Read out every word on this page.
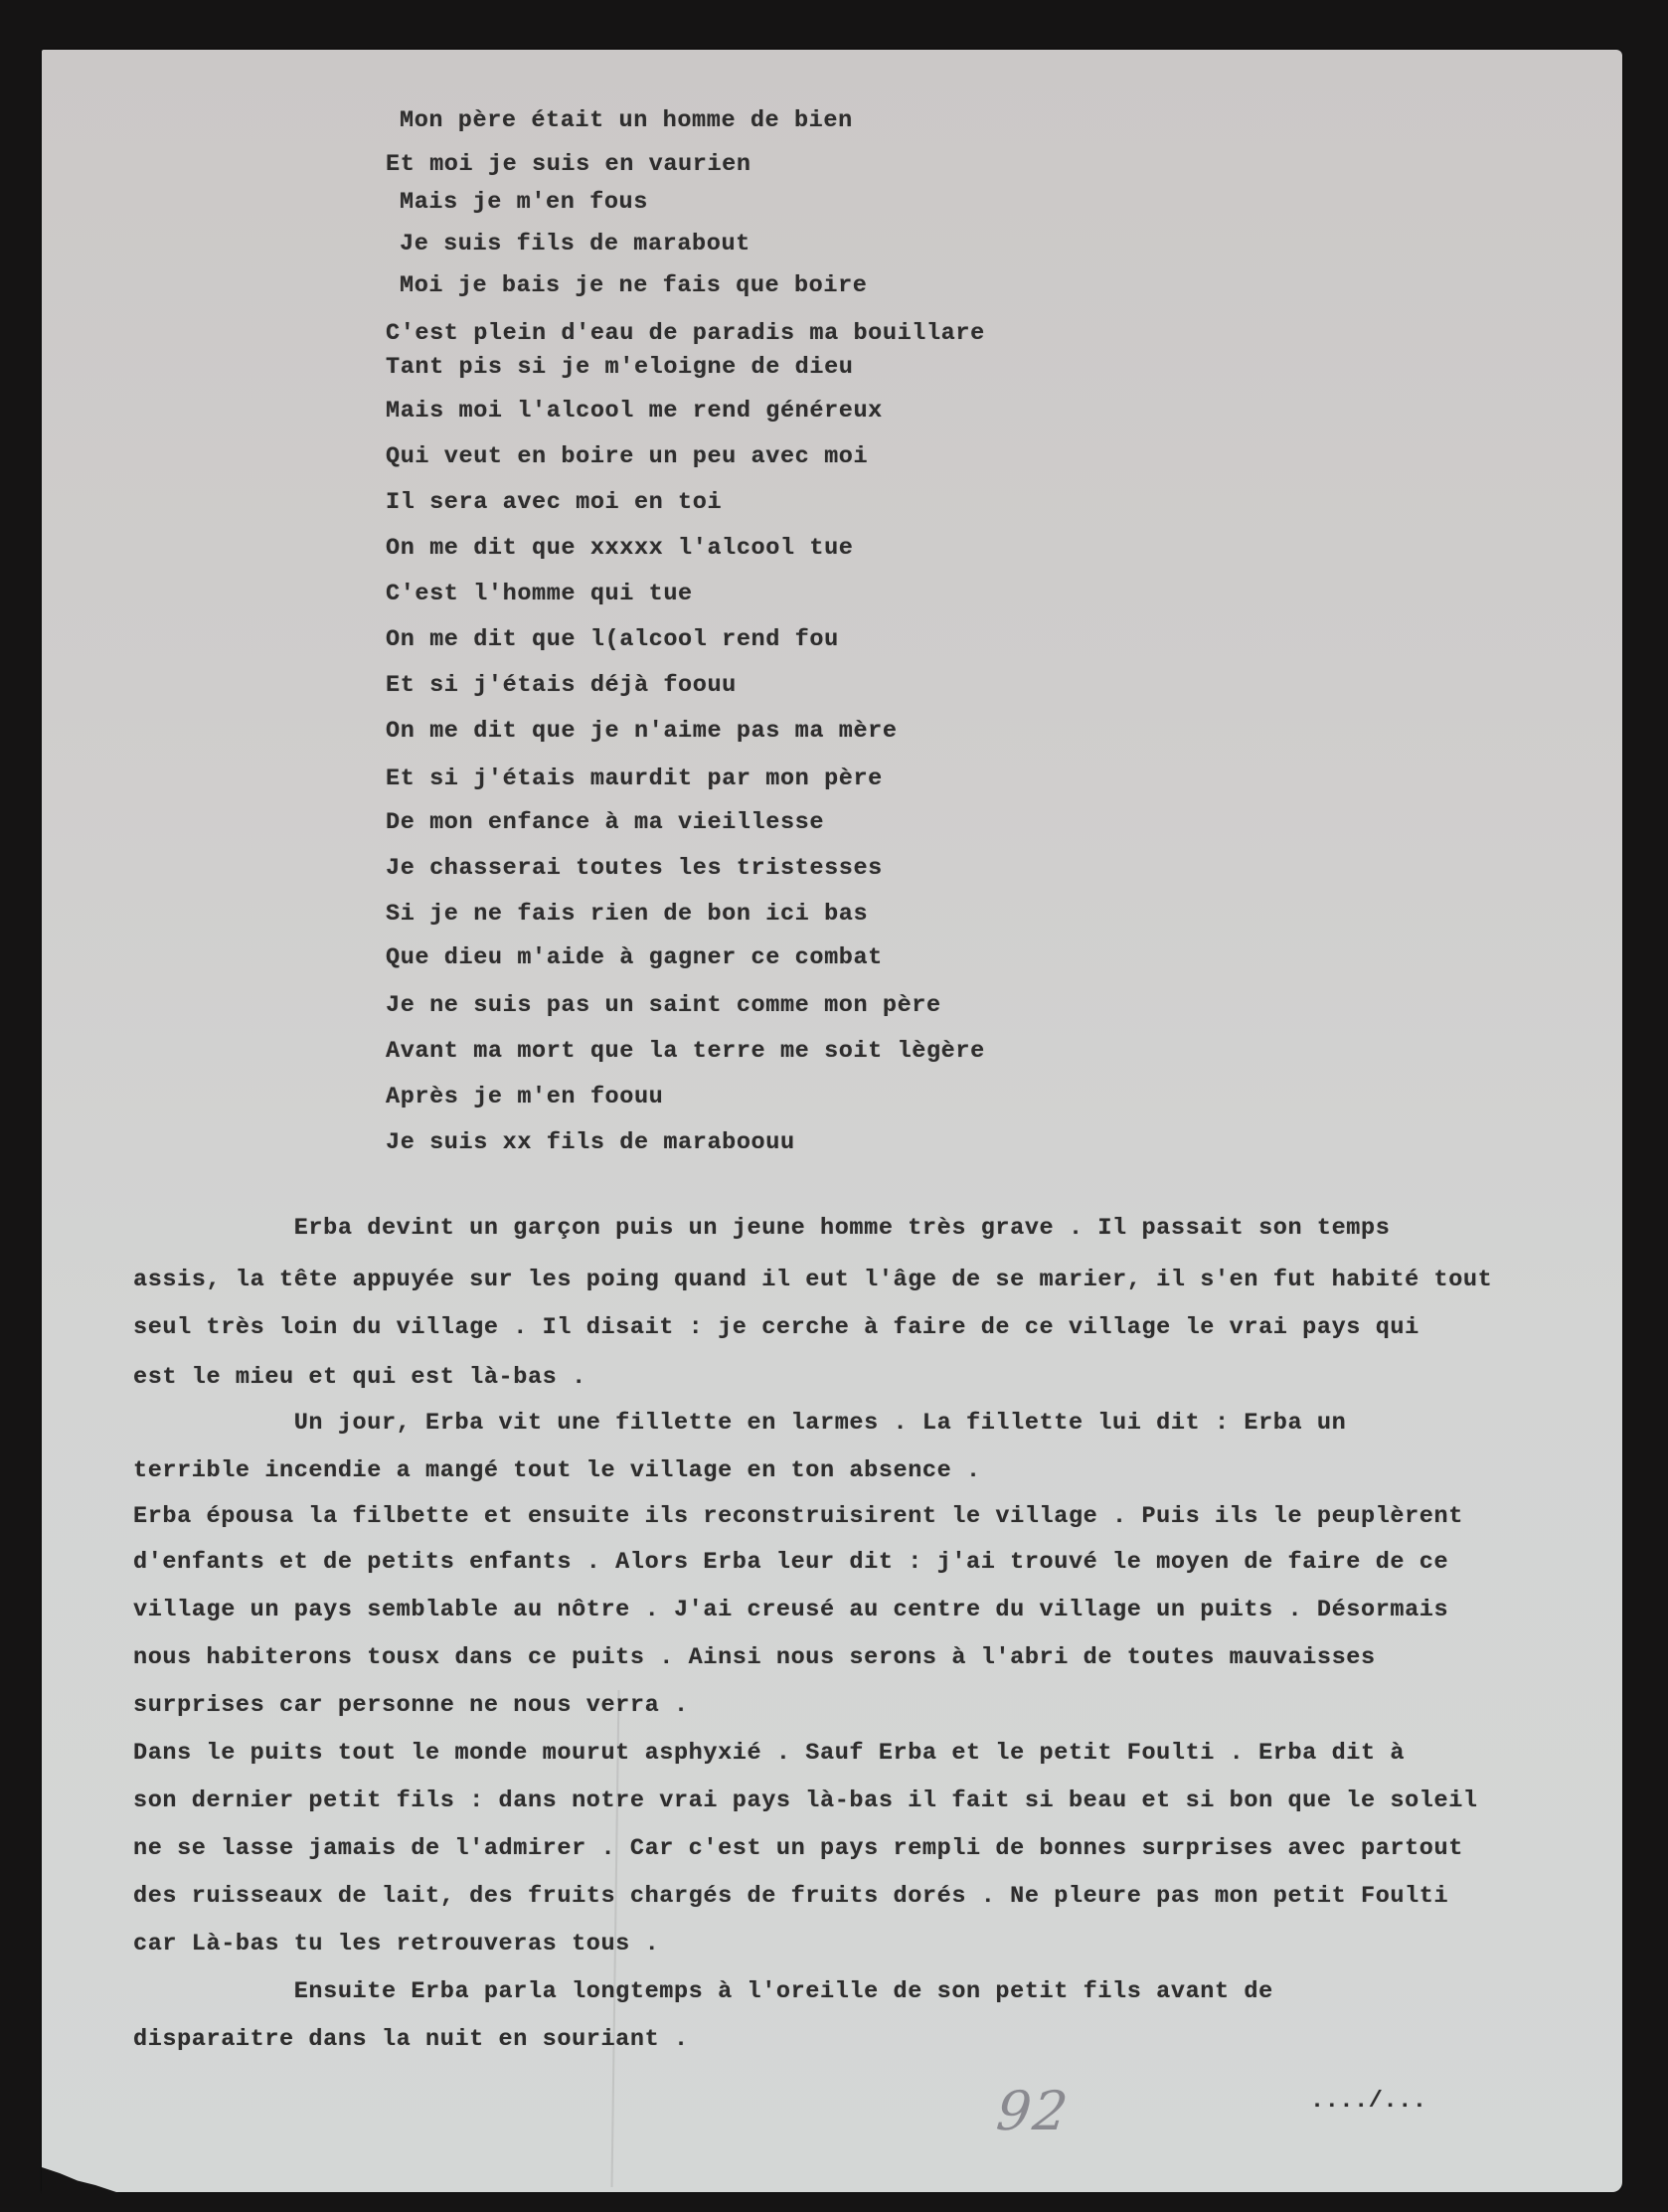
Mon père était un homme de bien
Et moi je suis en vaurien
Mais je m'en fous
Je suis fils de marabout
Moi je bais je ne fais que boire
C'est plein d'eau de paradis ma bouillare
Tant pis si je m'eloigne de dieu
Mais moi l'alcool me rend généreux
Qui veut en boire un peu avec moi
Il sera avec moi en toi
On me dit que xxxxx l'alcool tue
C'est l'homme qui tue
On me dit que l(alcool rend fou
Et si j'étais déjà foouu
On me dit que je n'aime pas ma mère
Et si j'étais maurdit par mon père
De mon enfance à ma vieillesse
Je chasserai toutes les tristesses
Si je ne fais rien de bon ici bas
Que dieu m'aide à gagner ce combat
Je ne suis pas un saint comme mon père
Avant ma mort que la terre me soit lègère
Après je m'en foouu
Je suis xx fils de maraboouu
Erba devint un garçon puis un jeune homme très grave . Il passait son temps
assis, la tête appuyée sur les poing quand il eut l'âge de se marier, il s'en fut habité tout
seul très loin du village . Il disait : je cerche à faire de ce village le vrai pays qui
est le mieu et qui est là-bas .
Un jour, Erba vit une fillette en larmes . La fillette lui dit : Erba un
terrible incendie a mangé tout le village en ton absence .
Erba épousa la filbette et ensuite ils reconstruisirent le village . Puis ils le peuplèrent
d'enfants et de petits enfants . Alors Erba leur dit : j'ai trouvé le moyen de faire de ce
village un pays semblable au nôtre . J'ai creusé au centre du village un puits . Désormais
nous habiterons tousx dans ce puits . Ainsi nous serons à l'abri de toutes mauvaisses
surprises car personne ne nous verra .
Dans le puits tout le monde mourut asphyxié . Sauf Erba et le petit Foulti . Erba dit à
son dernier petit fils : dans notre vrai pays là-bas il fait si beau et si bon que le soleil
ne se lasse jamais de l'admirer . Car c'est un pays rempli de bonnes surprises avec partout
des ruisseaux de lait, des fruits chargés de fruits dorés . Ne pleure pas mon petit Foulti
car Là-bas tu les retrouveras tous .
Ensuite Erba parla longtemps à l'oreille de son petit fils avant de
disparaitre dans la nuit en souriant .
92	..../...
